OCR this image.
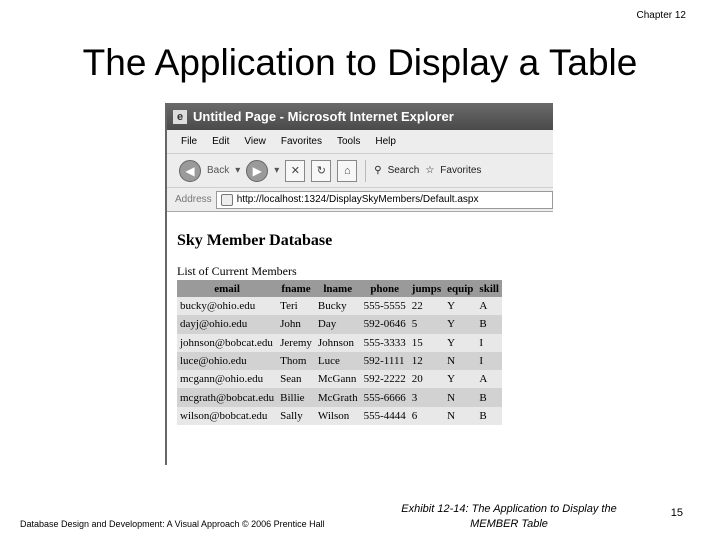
Chapter 12
The Application to Display a Table
e Untitled Page - Microsoft Internet Explorer
File Edit View Favorites Tools Help
◀	Back ▾	▶	▾	✕	↻	⌂	⚲ Search ☆ Favorites
Address	http://localhost:1324/DisplaySkyMembers/Default.aspx
Sky Member Database
List of Current Members
email	fname	lname	phone	jumps	equip	skill
bucky@ohio.edu	Teri	Bucky	555-5555	22	Y	A
dayj@ohio.edu	John	Day	592-0646	5	Y	B
johnson@bobcat.edu	Jeremy	Johnson	555-3333	15	Y	I
luce@ohio.edu	Thom	Luce	592-1111	12	N	I
mcgann@ohio.edu	Sean	McGann	592-2222	20	Y	A
mcgrath@bobcat.edu	Billie	McGrath	555-6666	3	N	B
wilson@bobcat.edu	Sally	Wilson	555-4444	6	N	B
Database Design and Development: A Visual Approach © 2006 Prentice Hall
Exhibit 12-14: The Application to Display the MEMBER Table
15
